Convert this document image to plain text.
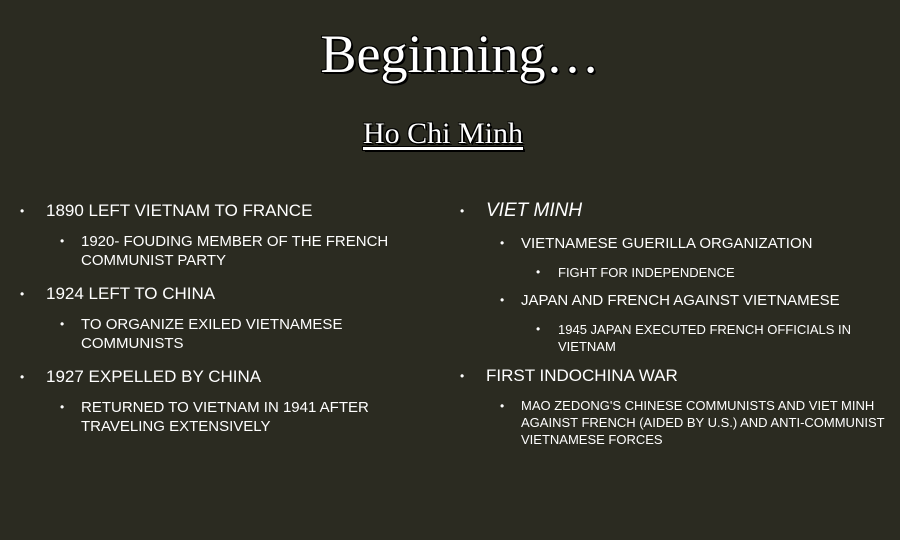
Beginning…
Ho Chi Minh
• 1890 LEFT VIETNAM TO FRANCE
• 1920- FOUDING MEMBER OF THE FRENCH COMMUNIST PARTY
• 1924 LEFT TO CHINA
• TO ORGANIZE EXILED VIETNAMESE COMMUNISTS
• 1927 EXPELLED BY CHINA
• RETURNED TO VIETNAM IN 1941 AFTER TRAVELING EXTENSIVELY
• VIET MINH
• VIETNAMESE GUERILLA ORGANIZATION
• FIGHT FOR INDEPENDENCE
• JAPAN AND FRENCH AGAINST VIETNAMESE
• 1945 JAPAN EXECUTED FRENCH OFFICIALS IN VIETNAM
• FIRST INDOCHINA WAR
• MAO ZEDONG'S CHINESE COMMUNISTS AND VIET MINH AGAINST FRENCH (AIDED BY U.S.) AND ANTI-COMMUNIST VIETNAMESE FORCES
